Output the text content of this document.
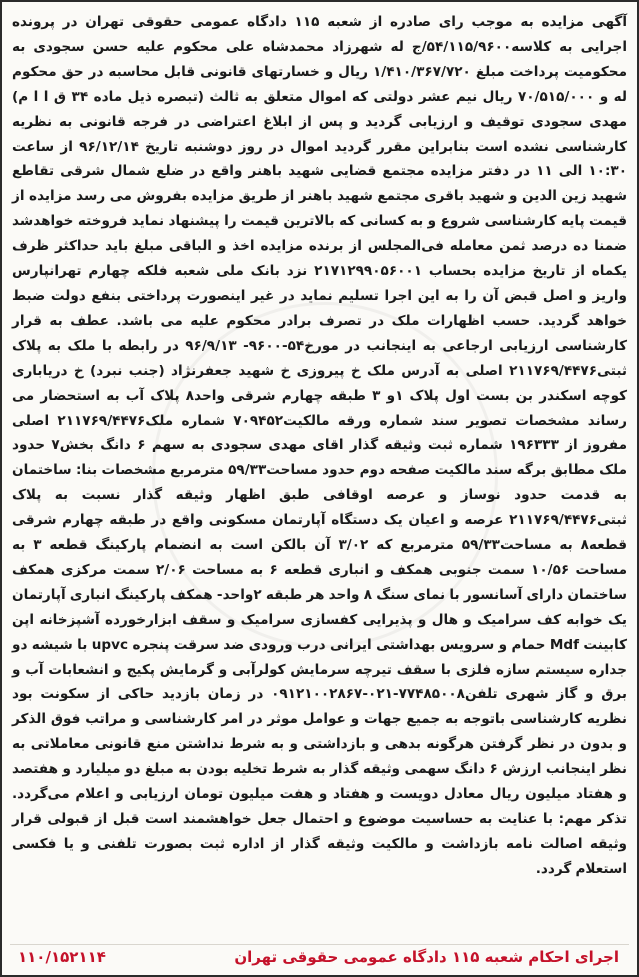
آگهی مزایده به موجب رای صادره از شعبه ۱۱۵ دادگاه عمومی حقوقی تهران در پرونده اجرایی به کلاسه۵۴/۱۱۵/۹۶۰۰/ج له شهرزاد محمدشاه علی محکوم علیه حسن سجودی به محکومیت پرداخت مبلغ ۱/۴۱۰/۳۶۷/۷۲۰ ریال و خسارتهای قانونی قابل محاسبه در حق محکوم له و ۷۰/۵۱۵/۰۰۰ ریال نیم عشر دولتی که اموال متعلق به ثالث (تبصره ذیل ماده ۳۴ ق ا ا م) مهدی سجودی توقیف و ارزیابی گردید و پس از ابلاغ اعتراضی در فرجه قانونی به نظریه کارشناسی نشده است بنابراین مقرر گردید اموال در روز دوشنبه تاریخ ۹۶/۱۲/۱۴ از ساعت ۱۰:۳۰ الی ۱۱ در دفتر مزایده مجتمع قضایی شهید باهنر واقع در ضلع شمال شرقی تقاطع شهید زین الدین و شهید باقری مجتمع شهید باهنر از طریق مزایده بفروش می رسد مزایده از قیمت پایه کارشناسی شروع و به کسانی که بالاترین قیمت را پیشنهاد نماید فروخته خواهدشد ضمنا ده درصد ثمن معامله فی‌المجلس از برنده مزایده اخذ و الباقی مبلغ باید حداکثر ظرف یکماه از تاریخ مزایده بحساب ۲۱۷۱۲۹۹۰۵۶۰۰۱ نزد بانک ملی شعبه فلکه چهارم تهرانپارس واریز و اصل قبض آن را به این اجرا تسلیم نماید در غیر اینصورت پرداختی بنفع دولت ضبط خواهد گردید. حسب اظهارات ملک در تصرف برادر محکوم علیه می باشد. عطف به قرار کارشناسی ارزیابی ارجاعی به اینجانب در مورخ۵۴-۹۶۰۰- ۹۶/۹/۱۳ در رابطه با ملک به پلاک ثبتی۲۱۱۷۶۹/۴۴۷۶ اصلی به آدرس ملک خ پیروزی خ شهید جعفرنژاد (جنب نبرد) خ دریاباری کوچه اسکندر بن بست اول پلاک ۱و ۳ طبقه چهارم شرقی واحد۸ پلاک آب به استحضار می رساند مشخصات تصویر سند شماره ورقه مالکیت۷۰۹۴۵۲ شماره ملک۲۱۱۷۶۹/۴۴۷۶ اصلی مفروز از ۱۹۶۳۳۳ شماره ثبت وثیقه گذار اقای مهدی سجودی به سهم ۶ دانگ بخش۷ حدود ملک مطابق برگه سند مالکیت صفحه دوم حدود مساحت۵۹/۳۳ مترمربع مشخصات بنا: ساختمان به قدمت حدود نوساز و عرصه اوقافی طبق اظهار وثیقه گذار نسبت به پلاک ثبتی۲۱۱۷۶۹/۴۴۷۶ عرصه و اعیان یک دستگاه آپارتمان مسکونی واقع در طبقه چهارم شرقی قطعه۸ به مساحت۵۹/۳۳ مترمربع که ۳/۰۲ آن بالکن است به انضمام پارکینگ قطعه ۳ به مساحت ۱۰/۵۶ سمت جنوبی همکف و انباری قطعه ۶ به مساحت ۲/۰۶ سمت مرکزی همکف ساختمان دارای آسانسور با نمای سنگ ۸ واحد هر طبقه ۲واحد- همکف پارکینگ انباری آپارتمان یک خوابه کف سرامیک و هال و پذیرایی کفسازی سرامیک و سقف ابزارخورده آشپزخانه اپن کابینت Mdf حمام و سرویس بهداشتی ایرانی درب ورودی ضد سرقت پنجره upvc با شیشه دو جداره سیستم سازه فلزی با سقف تیرچه سرمایش کولرآبی و گرمایش پکیج و انشعابات آب و برق و گاز شهری تلفن۷۷۴۸۵۰۰۸-۰۲۱-۰۹۱۲۱۰۰۲۸۶۷ در زمان بازدید حاکی از سکونت بود نظریه کارشناسی باتوجه به جمیع جهات و عوامل موثر در امر کارشناسی و مراتب فوق الذکر و بدون در نظر گرفتن هرگونه بدهی و بازداشتی و به شرط نداشتن منع قانونی معاملاتی به نظر اینجانب ارزش ۶ دانگ سهمی وثیقه گذار به شرط تخلیه بودن به مبلغ دو میلیارد و هفتصد و هفتاد میلیون ریال معادل دویست و هفتاد و هفت میلیون تومان ارزیابی و اعلام می‌گردد. تذکر مهم: با عنایت به حساسیت موضوع و احتمال جعل خواهشمند است قبل از قبولی قرار وثیقه اصالت نامه بازداشت و مالکیت وثیقه گذار از اداره ثبت بصورت تلفنی و یا فکسی استعلام گردد.
اجرای احکام شعبه ۱۱۵ دادگاه عمومی حقوقی تهران
۱۱۰/۱۵۲۱۱۴
